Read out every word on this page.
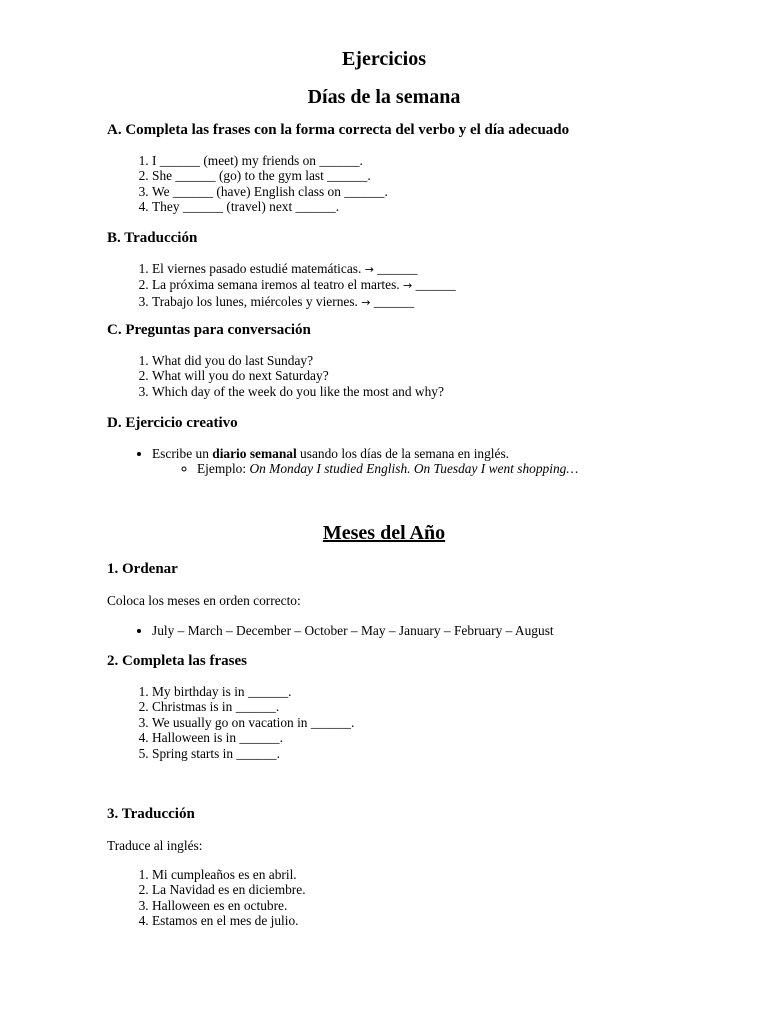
Ejercicios
Días de la semana
A. Completa las frases con la forma correcta del verbo y el día adecuado
1. I ______ (meet) my friends on ______.
2. She ______ (go) to the gym last ______.
3. We ______ (have) English class on ______.
4. They ______ (travel) next ______.
B. Traducción
1. El viernes pasado estudié matemáticas. → ______
2. La próxima semana iremos al teatro el martes. → ______
3. Trabajo los lunes, miércoles y viernes. → ______
C. Preguntas para conversación
1. What did you do last Sunday?
2. What will you do next Saturday?
3. Which day of the week do you like the most and why?
D. Ejercicio creativo
• Escribe un diario semanal usando los días de la semana en inglés.
◦ Ejemplo: On Monday I studied English. On Tuesday I went shopping…
Meses del Año
1. Ordenar
Coloca los meses en orden correcto:
• July – March – December – October – May – January – February – August
2. Completa las frases
1. My birthday is in ______.
2. Christmas is in ______.
3. We usually go on vacation in ______.
4. Halloween is in ______.
5. Spring starts in ______.
3. Traducción
Traduce al inglés:
1. Mi cumpleaños es en abril.
2. La Navidad es en diciembre.
3. Halloween es en octubre.
4. Estamos en el mes de julio.
